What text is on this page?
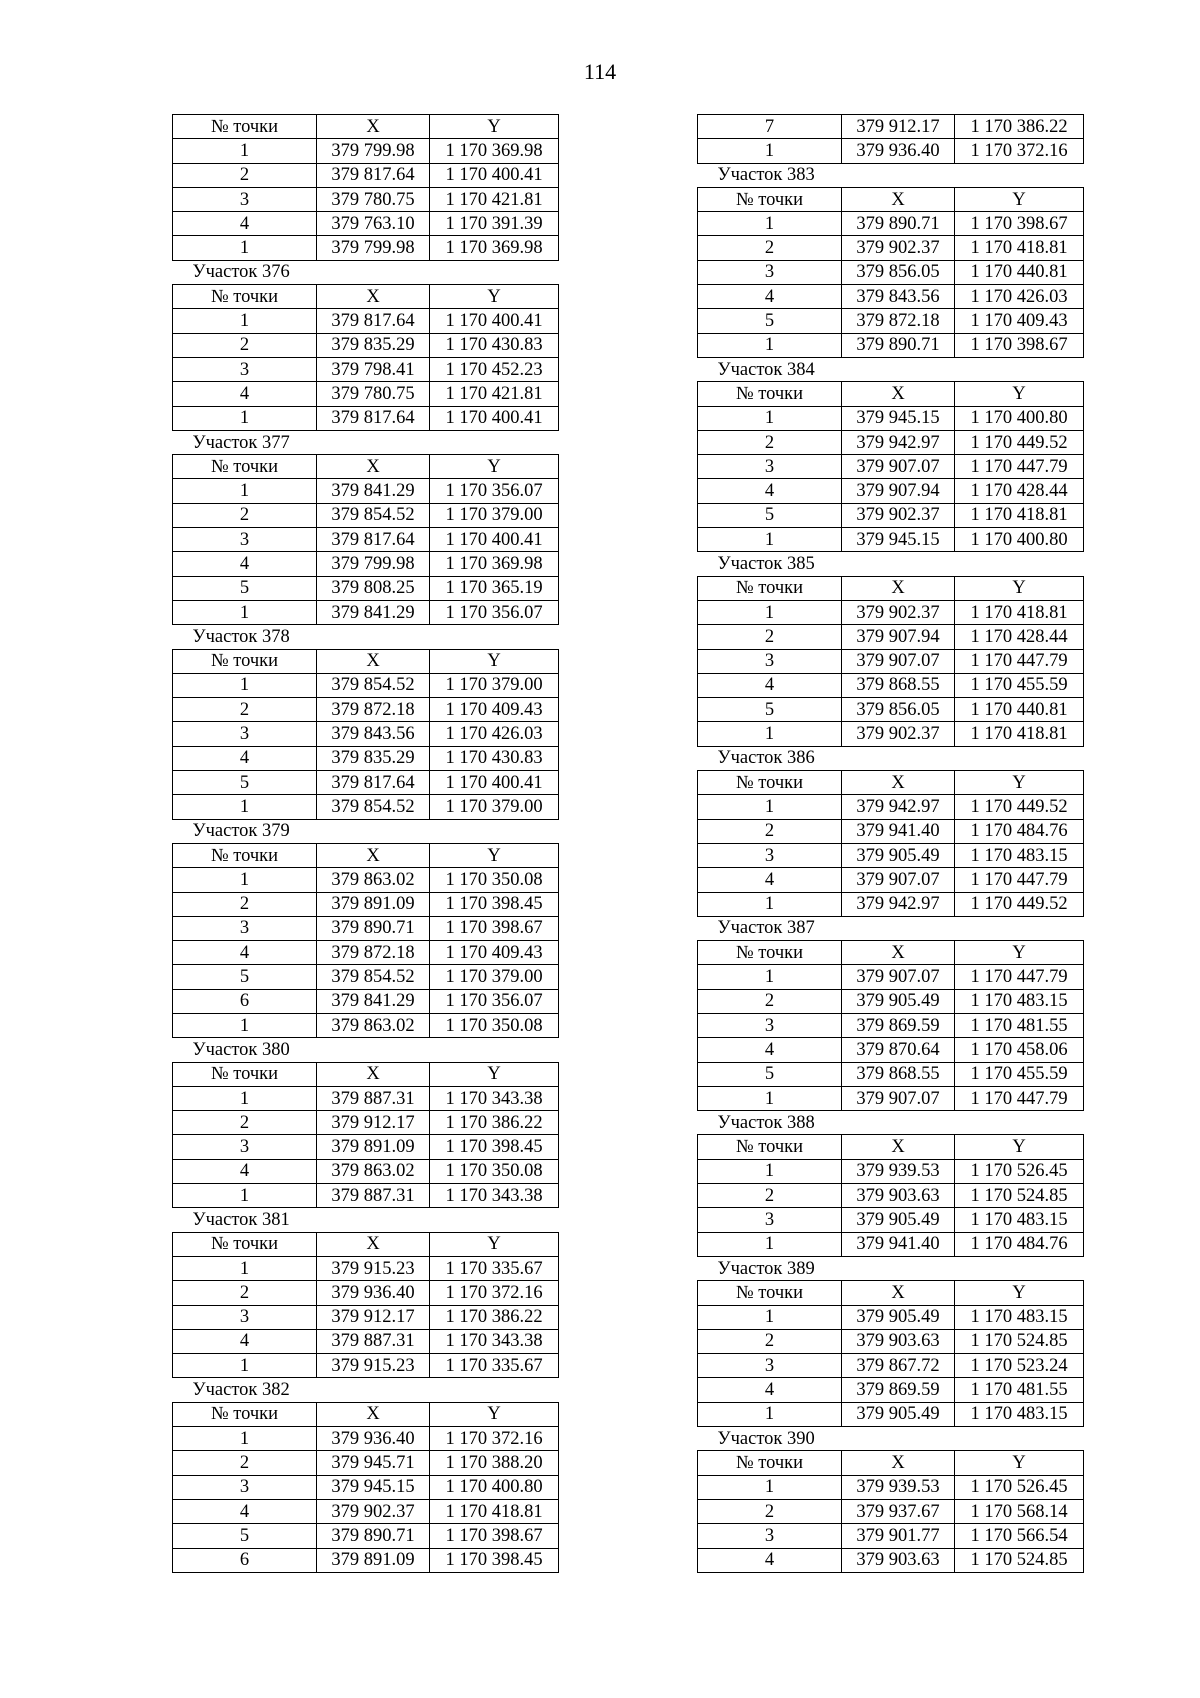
114
№ точки	X	Y
1	379 799.98	1 170 369.98
2	379 817.64	1 170 400.41
3	379 780.75	1 170 421.81
4	379 763.10	1 170 391.39
1	379 799.98	1 170 369.98
Участок 376		
№ точки	X	Y
1	379 817.64	1 170 400.41
2	379 835.29	1 170 430.83
3	379 798.41	1 170 452.23
4	379 780.75	1 170 421.81
1	379 817.64	1 170 400.41
Участок 377		
№ точки	X	Y
1	379 841.29	1 170 356.07
2	379 854.52	1 170 379.00
3	379 817.64	1 170 400.41
4	379 799.98	1 170 369.98
5	379 808.25	1 170 365.19
1	379 841.29	1 170 356.07
Участок 378		
№ точки	X	Y
1	379 854.52	1 170 379.00
2	379 872.18	1 170 409.43
3	379 843.56	1 170 426.03
4	379 835.29	1 170 430.83
5	379 817.64	1 170 400.41
1	379 854.52	1 170 379.00
Участок 379		
№ точки	X	Y
1	379 863.02	1 170 350.08
2	379 891.09	1 170 398.45
3	379 890.71	1 170 398.67
4	379 872.18	1 170 409.43
5	379 854.52	1 170 379.00
6	379 841.29	1 170 356.07
1	379 863.02	1 170 350.08
Участок 380		
№ точки	X	Y
1	379 887.31	1 170 343.38
2	379 912.17	1 170 386.22
3	379 891.09	1 170 398.45
4	379 863.02	1 170 350.08
1	379 887.31	1 170 343.38
Участок 381		
№ точки	X	Y
1	379 915.23	1 170 335.67
2	379 936.40	1 170 372.16
3	379 912.17	1 170 386.22
4	379 887.31	1 170 343.38
1	379 915.23	1 170 335.67
Участок 382		
№ точки	X	Y
1	379 936.40	1 170 372.16
2	379 945.71	1 170 388.20
3	379 945.15	1 170 400.80
4	379 902.37	1 170 418.81
5	379 890.71	1 170 398.67
6	379 891.09	1 170 398.45
7	379 912.17	1 170 386.22
1	379 936.40	1 170 372.16
Участок 383		
№ точки	X	Y
1	379 890.71	1 170 398.67
2	379 902.37	1 170 418.81
3	379 856.05	1 170 440.81
4	379 843.56	1 170 426.03
5	379 872.18	1 170 409.43
1	379 890.71	1 170 398.67
Участок 384		
№ точки	X	Y
1	379 945.15	1 170 400.80
2	379 942.97	1 170 449.52
3	379 907.07	1 170 447.79
4	379 907.94	1 170 428.44
5	379 902.37	1 170 418.81
1	379 945.15	1 170 400.80
Участок 385		
№ точки	X	Y
1	379 902.37	1 170 418.81
2	379 907.94	1 170 428.44
3	379 907.07	1 170 447.79
4	379 868.55	1 170 455.59
5	379 856.05	1 170 440.81
1	379 902.37	1 170 418.81
Участок 386		
№ точки	X	Y
1	379 942.97	1 170 449.52
2	379 941.40	1 170 484.76
3	379 905.49	1 170 483.15
4	379 907.07	1 170 447.79
1	379 942.97	1 170 449.52
Участок 387		
№ точки	X	Y
1	379 907.07	1 170 447.79
2	379 905.49	1 170 483.15
3	379 869.59	1 170 481.55
4	379 870.64	1 170 458.06
5	379 868.55	1 170 455.59
1	379 907.07	1 170 447.79
Участок 388		
№ точки	X	Y
1	379 939.53	1 170 526.45
2	379 903.63	1 170 524.85
3	379 905.49	1 170 483.15
1	379 941.40	1 170 484.76
Участок 389		
№ точки	X	Y
1	379 905.49	1 170 483.15
2	379 903.63	1 170 524.85
3	379 867.72	1 170 523.24
4	379 869.59	1 170 481.55
1	379 905.49	1 170 483.15
Участок 390		
№ точки	X	Y
1	379 939.53	1 170 526.45
2	379 937.67	1 170 568.14
3	379 901.77	1 170 566.54
4	379 903.63	1 170 524.85
